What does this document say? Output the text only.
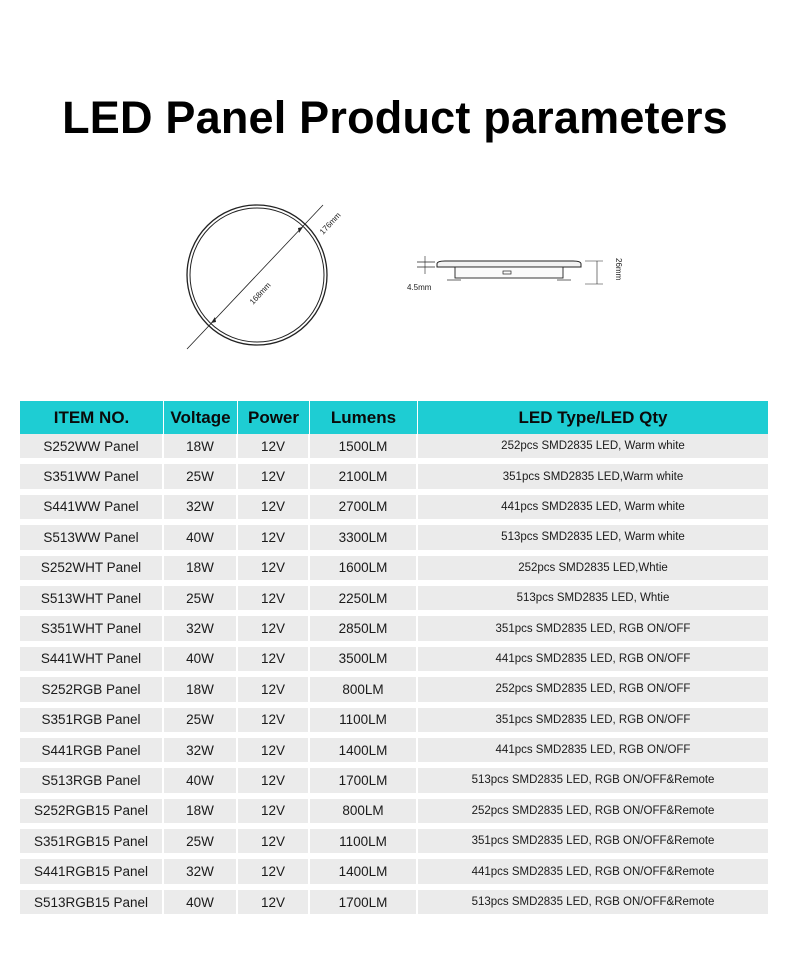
LED Panel Product parameters
176mm
168mm
26mm
4.5mm
ITEM NO.	Voltage	Power	Lumens	LED Type/LED Qty
S252WW Panel	18W	12V	1500LM	252pcs SMD2835 LED, Warm white
S351WW Panel	25W	12V	2100LM	351pcs SMD2835 LED,Warm white
S441WW Panel	32W	12V	2700LM	441pcs SMD2835 LED, Warm white
S513WW Panel	40W	12V	3300LM	513pcs SMD2835 LED, Warm white
S252WHT Panel	18W	12V	1600LM	252pcs SMD2835 LED,Whtie
S513WHT Panel	25W	12V	2250LM	513pcs SMD2835 LED, Whtie
S351WHT Panel	32W	12V	2850LM	351pcs SMD2835 LED, RGB ON/OFF
S441WHT Panel	40W	12V	3500LM	441pcs SMD2835 LED, RGB ON/OFF
S252RGB Panel	18W	12V	800LM	252pcs SMD2835 LED, RGB ON/OFF
S351RGB Panel	25W	12V	1100LM	351pcs SMD2835 LED, RGB ON/OFF
S441RGB Panel	32W	12V	1400LM	441pcs SMD2835 LED, RGB ON/OFF
S513RGB Panel	40W	12V	1700LM	513pcs SMD2835 LED, RGB ON/OFF&Remote
S252RGB15 Panel	18W	12V	800LM	252pcs SMD2835 LED, RGB ON/OFF&Remote
S351RGB15 Panel	25W	12V	1100LM	351pcs SMD2835 LED, RGB ON/OFF&Remote
S441RGB15 Panel	32W	12V	1400LM	441pcs SMD2835 LED, RGB ON/OFF&Remote
S513RGB15 Panel	40W	12V	1700LM	513pcs SMD2835 LED, RGB ON/OFF&Remote
